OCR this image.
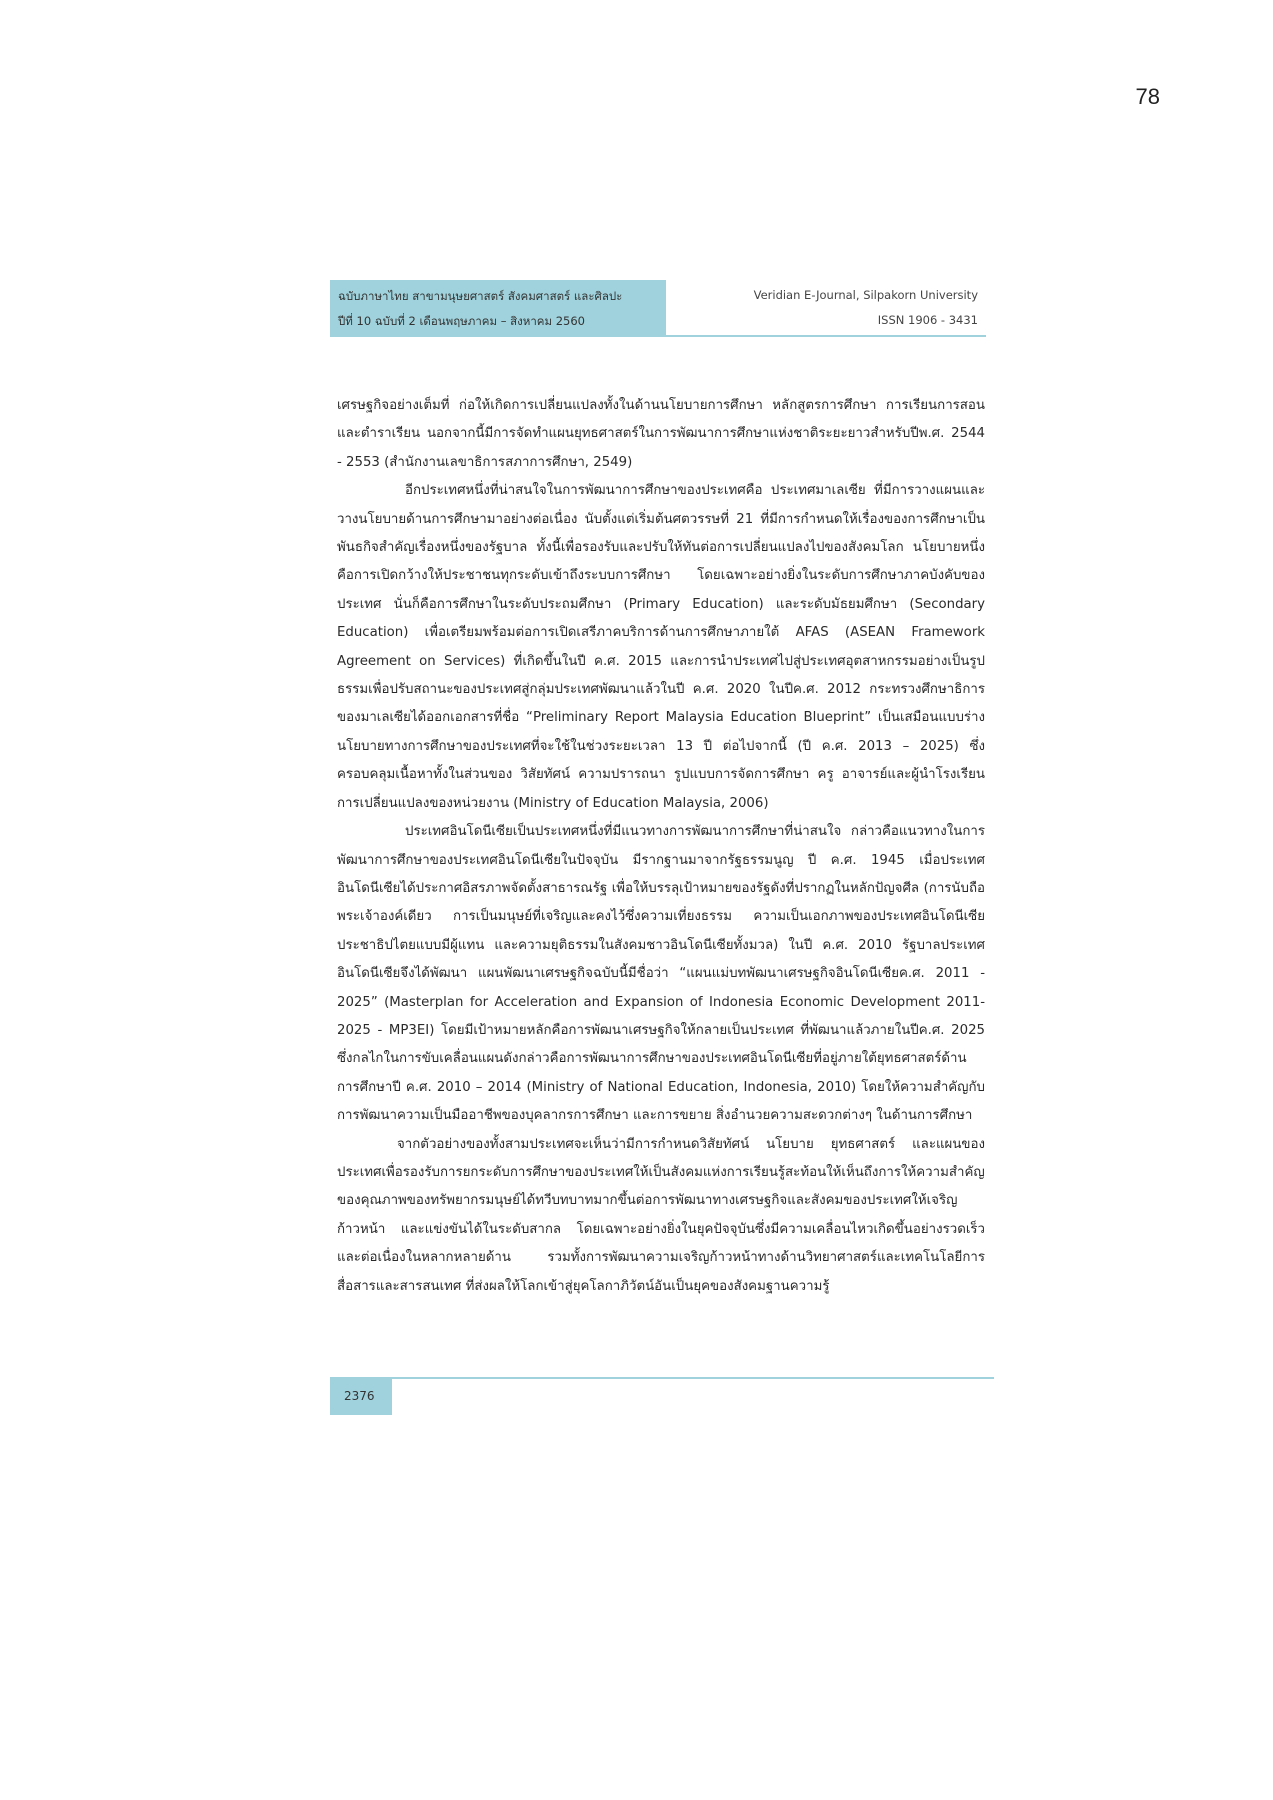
78
ฉบับภาษาไทย สาขามนุษยศาสตร์ สังคมศาสตร์ และศิลปะ
ปีที่ 10 ฉบับที่ 2 เดือนพฤษภาคม – สิงหาคม 2560
Veridian E-Journal, Silpakorn University
ISSN 1906 - 3431

เศรษฐกิจอย่างเต็มที่ ก่อให้เกิดการเปลี่ยนแปลงทั้งในด้านนโยบายการศึกษา หลักสูตรการศึกษา การเรียนการสอนและตำราเรียน นอกจากนี้มีการจัดทำแผนยุทธศาสตร์ในการพัฒนาการศึกษาแห่งชาติระยะยาวสำหรับปีพ.ศ. 2544 - 2553 (สำนักงานเลขาธิการสภาการศึกษา, 2549)

อีกประเทศหนึ่งที่น่าสนใจในการพัฒนาการศึกษาของประเทศคือ ประเทศมาเลเซีย ที่มีการวางแผนและวางนโยบายด้านการศึกษามาอย่างต่อเนื่อง นับตั้งแต่เริ่มต้นศตวรรษที่ 21 ที่มีการกำหนดให้เรื่องของการศึกษาเป็นพันธกิจสำคัญเรื่องหนึ่งของรัฐบาล ทั้งนี้เพื่อรองรับและปรับให้ทันต่อการเปลี่ยนแปลงไปของสังคมโลก นโยบายหนึ่งคือการเปิดกว้างให้ประชาชนทุกระดับเข้าถึงระบบการศึกษา โดยเฉพาะอย่างยิ่งในระดับการศึกษาภาคบังคับของประเทศ นั่นก็คือการศึกษาในระดับประถมศึกษา (Primary Education) และระดับมัธยมศึกษา (Secondary Education) เพื่อเตรียมพร้อมต่อการเปิดเสรีภาคบริการด้านการศึกษาภายใต้ AFAS (ASEAN Framework Agreement on Services) ที่เกิดขึ้นในปี ค.ศ. 2015 และการนำประเทศไปสู่ประเทศอุตสาหกรรมอย่างเป็นรูปธรรมเพื่อปรับสถานะของประเทศสู่กลุ่มประเทศพัฒนาแล้วในปี ค.ศ. 2020 ในปีค.ศ. 2012 กระทรวงศึกษาธิการของมาเลเซียได้ออกเอกสารที่ชื่อ “Preliminary Report Malaysia Education Blueprint” เป็นเสมือนแบบร่างนโยบายทางการศึกษาของประเทศที่จะใช้ในช่วงระยะเวลา 13 ปี ต่อไปจากนี้ (ปี ค.ศ. 2013 – 2025) ซึ่งครอบคลุมเนื้อหาทั้งในส่วนของ วิสัยทัศน์ ความปรารถนา รูปแบบการจัดการศึกษา ครู อาจารย์และผู้นำโรงเรียน การเปลี่ยนแปลงของหน่วยงาน (Ministry of Education Malaysia, 2006)

ประเทศอินโดนีเซียเป็นประเทศหนึ่งที่มีแนวทางการพัฒนาการศึกษาที่น่าสนใจ กล่าวคือแนวทางในการพัฒนาการศึกษาของประเทศอินโดนีเซียในปัจจุบัน มีรากฐานมาจากรัฐธรรมนูญ ปี ค.ศ. 1945 เมื่อประเทศอินโดนีเซียได้ประกาศอิสรภาพจัดตั้งสาธารณรัฐ เพื่อให้บรรลุเป้าหมายของรัฐดังที่ปรากฏในหลักปัญจศีล (การนับถือพระเจ้าองค์เดียว การเป็นมนุษย์ที่เจริญและคงไว้ซึ่งความเที่ยงธรรม ความเป็นเอกภาพของประเทศอินโดนีเซีย ประชาธิปไตยแบบมีผู้แทน และความยุติธรรมในสังคมชาวอินโดนีเซียทั้งมวล) ในปี ค.ศ. 2010 รัฐบาลประเทศอินโดนีเซียจึงได้พัฒนา แผนพัฒนาเศรษฐกิจฉบับนี้มีชื่อว่า “แผนแม่บทพัฒนาเศรษฐกิจอินโดนีเซียค.ศ. 2011 - 2025” (Masterplan for Acceleration and Expansion of Indonesia Economic Development 2011-2025 - MP3EI) โดยมีเป้าหมายหลักคือการพัฒนาเศรษฐกิจให้กลายเป็นประเทศ ที่พัฒนาแล้วภายในปีค.ศ. 2025 ซึ่งกลไกในการขับเคลื่อนแผนดังกล่าวคือการพัฒนาการศึกษาของประเทศอินโดนีเซียที่อยู่ภายใต้ยุทธศาสตร์ด้านการศึกษาปี ค.ศ. 2010 – 2014 (Ministry of National Education, Indonesia, 2010) โดยให้ความสำคัญกับการพัฒนาความเป็นมืออาชีพของบุคลากรการศึกษา และการขยาย สิ่งอำนวยความสะดวกต่างๆ ในด้านการศึกษา

จากตัวอย่างของทั้งสามประเทศจะเห็นว่ามีการกำหนดวิสัยทัศน์ นโยบาย ยุทธศาสตร์ และแผนของประเทศเพื่อรองรับการยกระดับการศึกษาของประเทศให้เป็นสังคมแห่งการเรียนรู้สะท้อนให้เห็นถึงการให้ความสำคัญของคุณภาพของทรัพยากรมนุษย์ได้ทวีบทบาทมากขึ้นต่อการพัฒนาทางเศรษฐกิจและสังคมของประเทศให้เจริญก้าวหน้า และแข่งขันได้ในระดับสากล โดยเฉพาะอย่างยิ่งในยุคปัจจุบันซึ่งมีความเคลื่อนไหวเกิดขึ้นอย่างรวดเร็วและต่อเนื่องในหลากหลายด้าน รวมทั้งการพัฒนาความเจริญก้าวหน้าทางด้านวิทยาศาสตร์และเทคโนโลยีการสื่อสารและสารสนเทศ ที่ส่งผลให้โลกเข้าสู่ยุคโลกาภิวัตน์อันเป็นยุคของสังคมฐานความรู้

2376
